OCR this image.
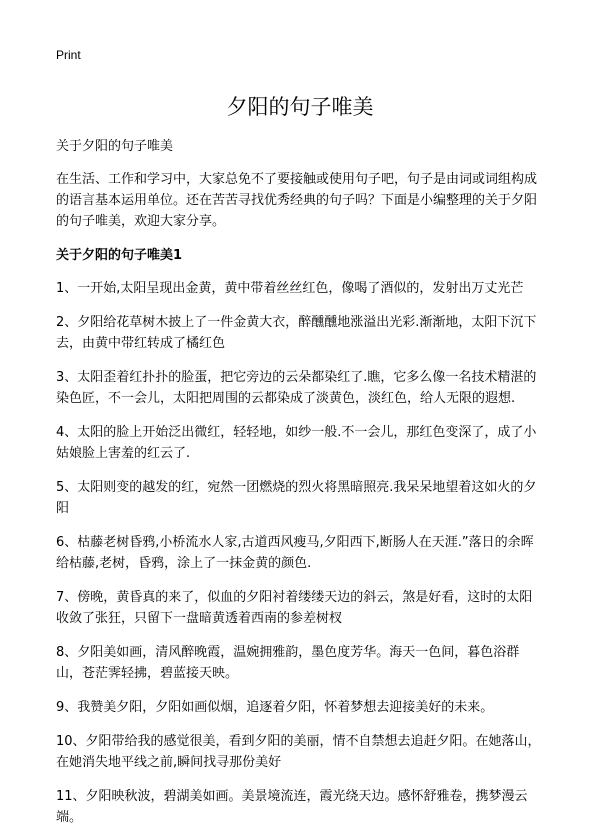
Print
夕阳的句子唯美

关于夕阳的句子唯美

在生活、工作和学习中，大家总免不了要接触或使用句子吧，句子是由词或词组构成的语言基本运用单位。还在苦苦寻找优秀经典的句子吗？下面是小编整理的关于夕阳的句子唯美，欢迎大家分享。

关于夕阳的句子唯美1

1、一开始,太阳呈现出金黄，黄中带着丝丝红色，像喝了酒似的，发射出万丈光芒
2、夕阳给花草树木披上了一件金黄大衣，醉醺醺地涨溢出光彩.渐渐地，太阳下沉下去，由黄中带红转成了橘红色
3、太阳歪着红扑扑的脸蛋，把它旁边的云朵都染红了.瞧，它多么像一名技术精湛的染色匠，不一会儿，太阳把周围的云都染成了淡黄色，淡红色，给人无限的遐想.
4、太阳的脸上开始泛出微红，轻轻地，如纱一般.不一会儿，那红色变深了，成了小姑娘脸上害羞的红云了.
5、太阳则变的越发的红，宛然一团燃烧的烈火将黑暗照亮.我呆呆地望着这如火的夕阳
6、枯藤老树昏鸦,小桥流水人家,古道西风瘦马,夕阳西下,断肠人在天涯.”落日的余晖给枯藤,老树，昏鸦，涂上了一抹金黄的颜色.
7、傍晚，黄昏真的来了，似血的夕阳衬着缕缕天边的斜云，煞是好看，这时的太阳收敛了张狂，只留下一盘暗黄透着西南的参差树杈
8、夕阳美如画，清风醉晚霞，温婉拥雅韵，墨色度芳华。海天一色间，暮色浴群山，苍茫霁轻拂，碧蓝接天映。
9、我赞美夕阳，夕阳如画似烟，追逐着夕阳，怀着梦想去迎接美好的未来。
10、夕阳带给我的感觉很美，看到夕阳的美丽，情不自禁想去追赶夕阳。在她落山，在她消失地平线之前,瞬间找寻那份美好
11、夕阳映秋波，碧湖美如画。美景境流连，霞光绕天边。感怀舒雅卷，携梦漫云端。
